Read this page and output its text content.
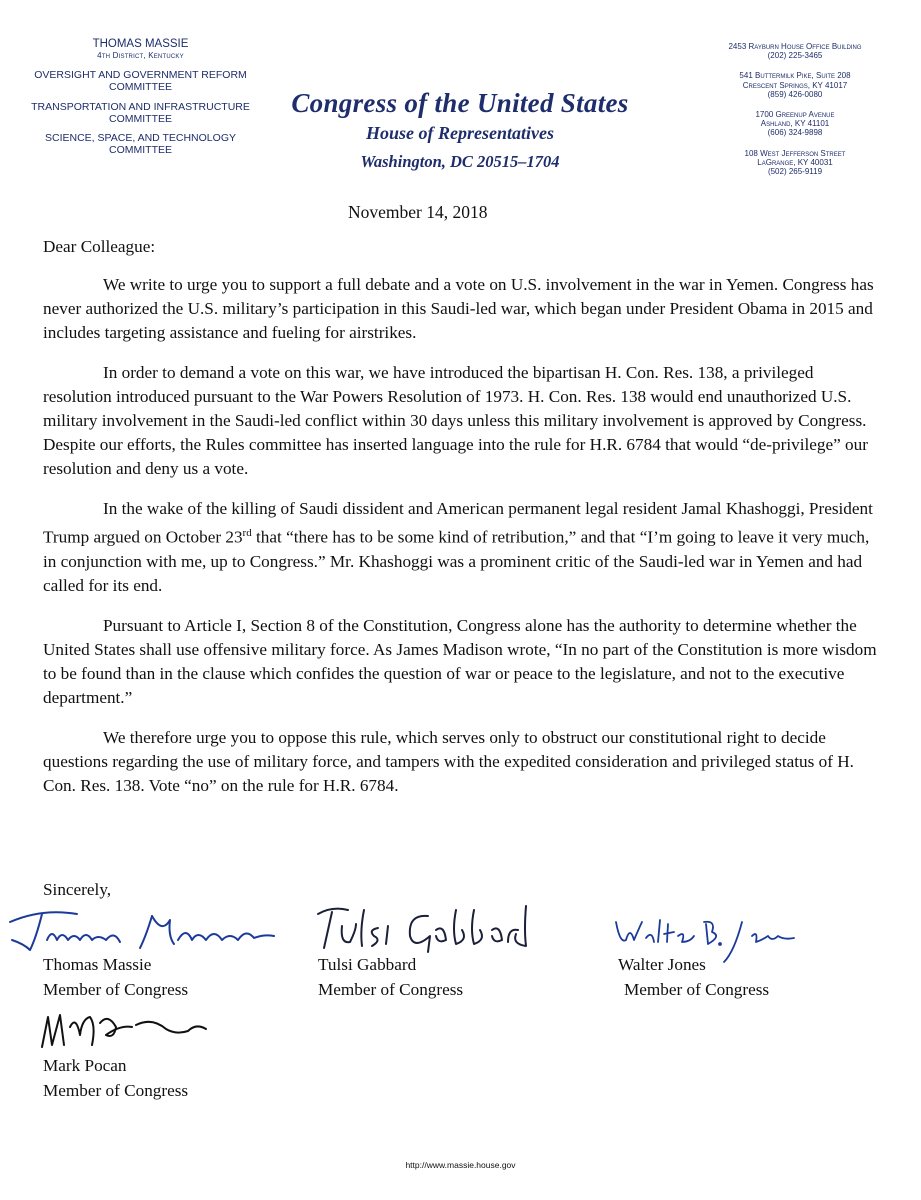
THOMAS MASSIE
4th District, Kentucky
OVERSIGHT AND GOVERNMENT REFORM COMMITTEE
TRANSPORTATION AND INFRASTRUCTURE COMMITTEE
SCIENCE, SPACE, AND TECHNOLOGY COMMITTEE
Congress of the United States
House of Representatives
Washington, DC 20515–1704
2453 Rayburn House Office Building
(202) 225-3465
541 Buttermilk Pike, Suite 208
Crescent Springs, KY 41017
(859) 426-0080
1700 Greenup Avenue
Ashland, KY 41101
(606) 324-9898
108 West Jefferson Street
LaGrange, KY 40031
(502) 265-9119
November 14, 2018

Dear Colleague:

We write to urge you to support a full debate and a vote on U.S. involvement in the war in Yemen. Congress has never authorized the U.S. military’s participation in this Saudi-led war, which began under President Obama in 2015 and includes targeting assistance and fueling for airstrikes.

In order to demand a vote on this war, we have introduced the bipartisan H. Con. Res. 138, a privileged resolution introduced pursuant to the War Powers Resolution of 1973. H. Con. Res. 138 would end unauthorized U.S. military involvement in the Saudi-led conflict within 30 days unless this military involvement is approved by Congress. Despite our efforts, the Rules committee has inserted language into the rule for H.R. 6784 that would “de-privilege” our resolution and deny us a vote.

In the wake of the killing of Saudi dissident and American permanent legal resident Jamal Khashoggi, President Trump argued on October 23rd that “there has to be some kind of retribution,” and that “I’m going to leave it very much, in conjunction with me, up to Congress.” Mr. Khashoggi was a prominent critic of the Saudi-led war in Yemen and had called for its end.

Pursuant to Article I, Section 8 of the Constitution, Congress alone has the authority to determine whether the United States shall use offensive military force. As James Madison wrote, “In no part of the Constitution is more wisdom to be found than in the clause which confides the question of war or peace to the legislature, and not to the executive department.”

We therefore urge you to oppose this rule, which serves only to obstruct our constitutional right to decide questions regarding the use of military force, and tampers with the expedited consideration and privileged status of H. Con. Res. 138. Vote “no” on the rule for H.R. 6784.

Sincerely,
Thomas Massie
Member of Congress
Tulsi Gabbard
Member of Congress
Walter Jones
Member of Congress
Mark Pocan
Member of Congress
http://www.massie.house.gov
